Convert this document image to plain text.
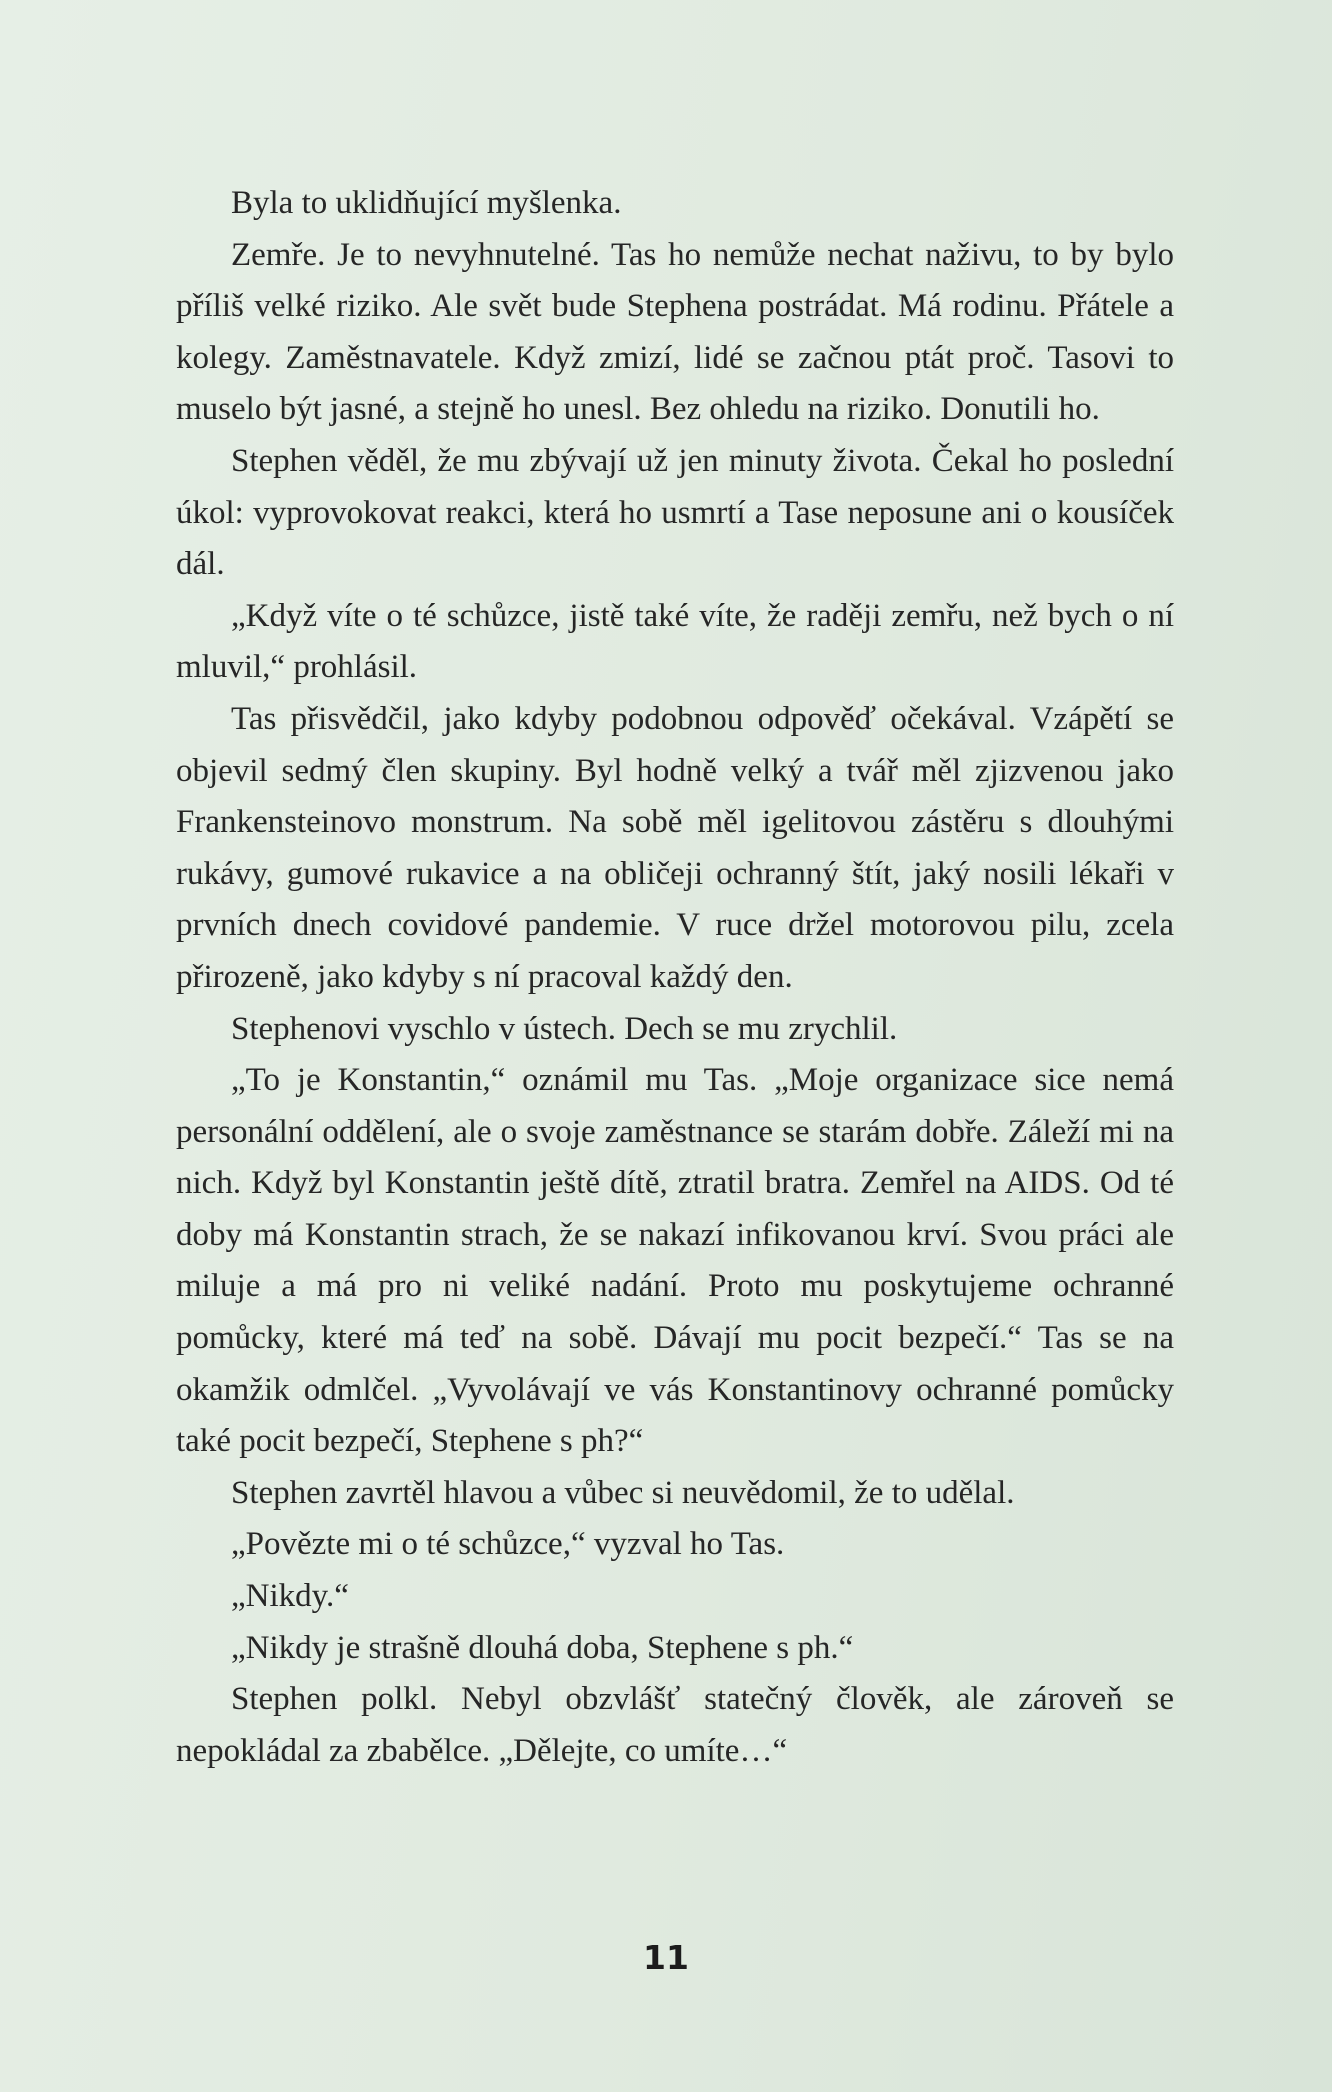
Byla to uklidňující myšlenka.

Zemře. Je to nevyhnutelné. Tas ho nemůže nechat naživu, to by bylo příliš velké riziko. Ale svět bude Stephena postrádat. Má rodinu. Přátele a kolegy. Zaměstnavatele. Když zmizí, lidé se začnou ptát proč. Tasovi to muselo být jasné, a stejně ho unesl. Bez ohledu na riziko. Donutili ho.

Stephen věděl, že mu zbývají už jen minuty života. Čekal ho poslední úkol: vyprovokovat reakci, která ho usmrtí a Tase neposune ani o kousíček dál.

„Když víte o té schůzce, jistě také víte, že raději zemřu, než bych o ní mluvil,“ prohlásil.

Tas přisvědčil, jako kdyby podobnou odpověď očekával. Vzápětí se objevil sedmý člen skupiny. Byl hodně velký a tvář měl zjizvenou jako Frankensteinovo monstrum. Na sobě měl igelitovou zástěru s dlouhými rukávy, gumové rukavice a na obličeji ochranný štít, jaký nosili lékaři v prvních dnech covidové pandemie. V ruce držel motorovou pilu, zcela přirozeně, jako kdyby s ní pracoval každý den.

Stephenovi vyschlo v ústech. Dech se mu zrychlil.

„To je Konstantin,“ oznámil mu Tas. „Moje organizace sice nemá personální oddělení, ale o svoje zaměstnance se starám dobře. Záleží mi na nich. Když byl Konstantin ještě dítě, ztratil bratra. Zemřel na AIDS. Od té doby má Konstantin strach, že se nakazí infikovanou krví. Svou práci ale miluje a má pro ni veliké nadání. Proto mu poskytujeme ochranné pomůcky, které má teď na sobě. Dávají mu pocit bezpečí.“ Tas se na okamžik odmlčel. „Vyvolávají ve vás Konstantinovy ochranné pomůcky také pocit bezpečí, Stephene s ph?“

Stephen zavrtěl hlavou a vůbec si neuvědomil, že to udělal.

„Povězte mi o té schůzce,“ vyzval ho Tas.

„Nikdy.“

„Nikdy je strašně dlouhá doba, Stephene s ph.“

Stephen polkl. Nebyl obzvlášť statečný člověk, ale zároveň se nepokládal za zbabělce. „Dělejte, co umíte…“

11
